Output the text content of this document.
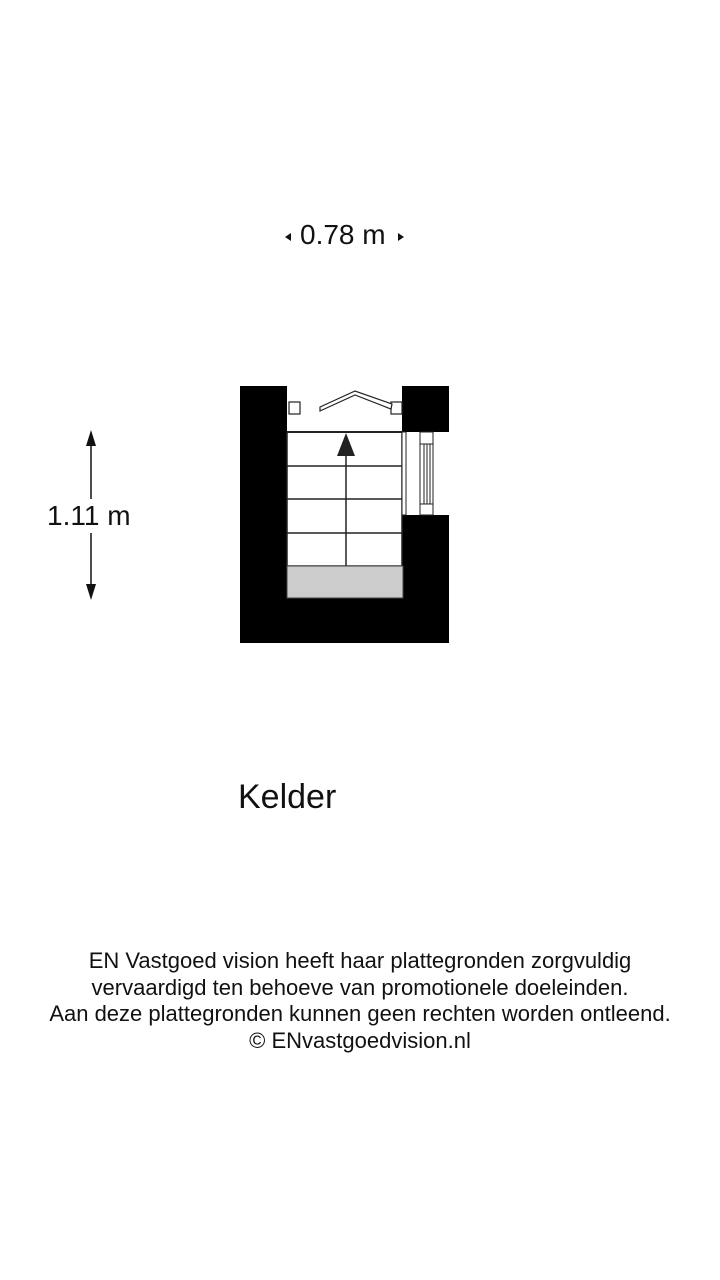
0.78 m
1.11 m
Kelder
EN Vastgoed vision heeft haar plattegronden zorgvuldig
vervaardigd ten behoeve van promotionele doeleinden.
Aan deze plattegronden kunnen geen rechten worden ontleend.
© ENvastgoedvision.nl
